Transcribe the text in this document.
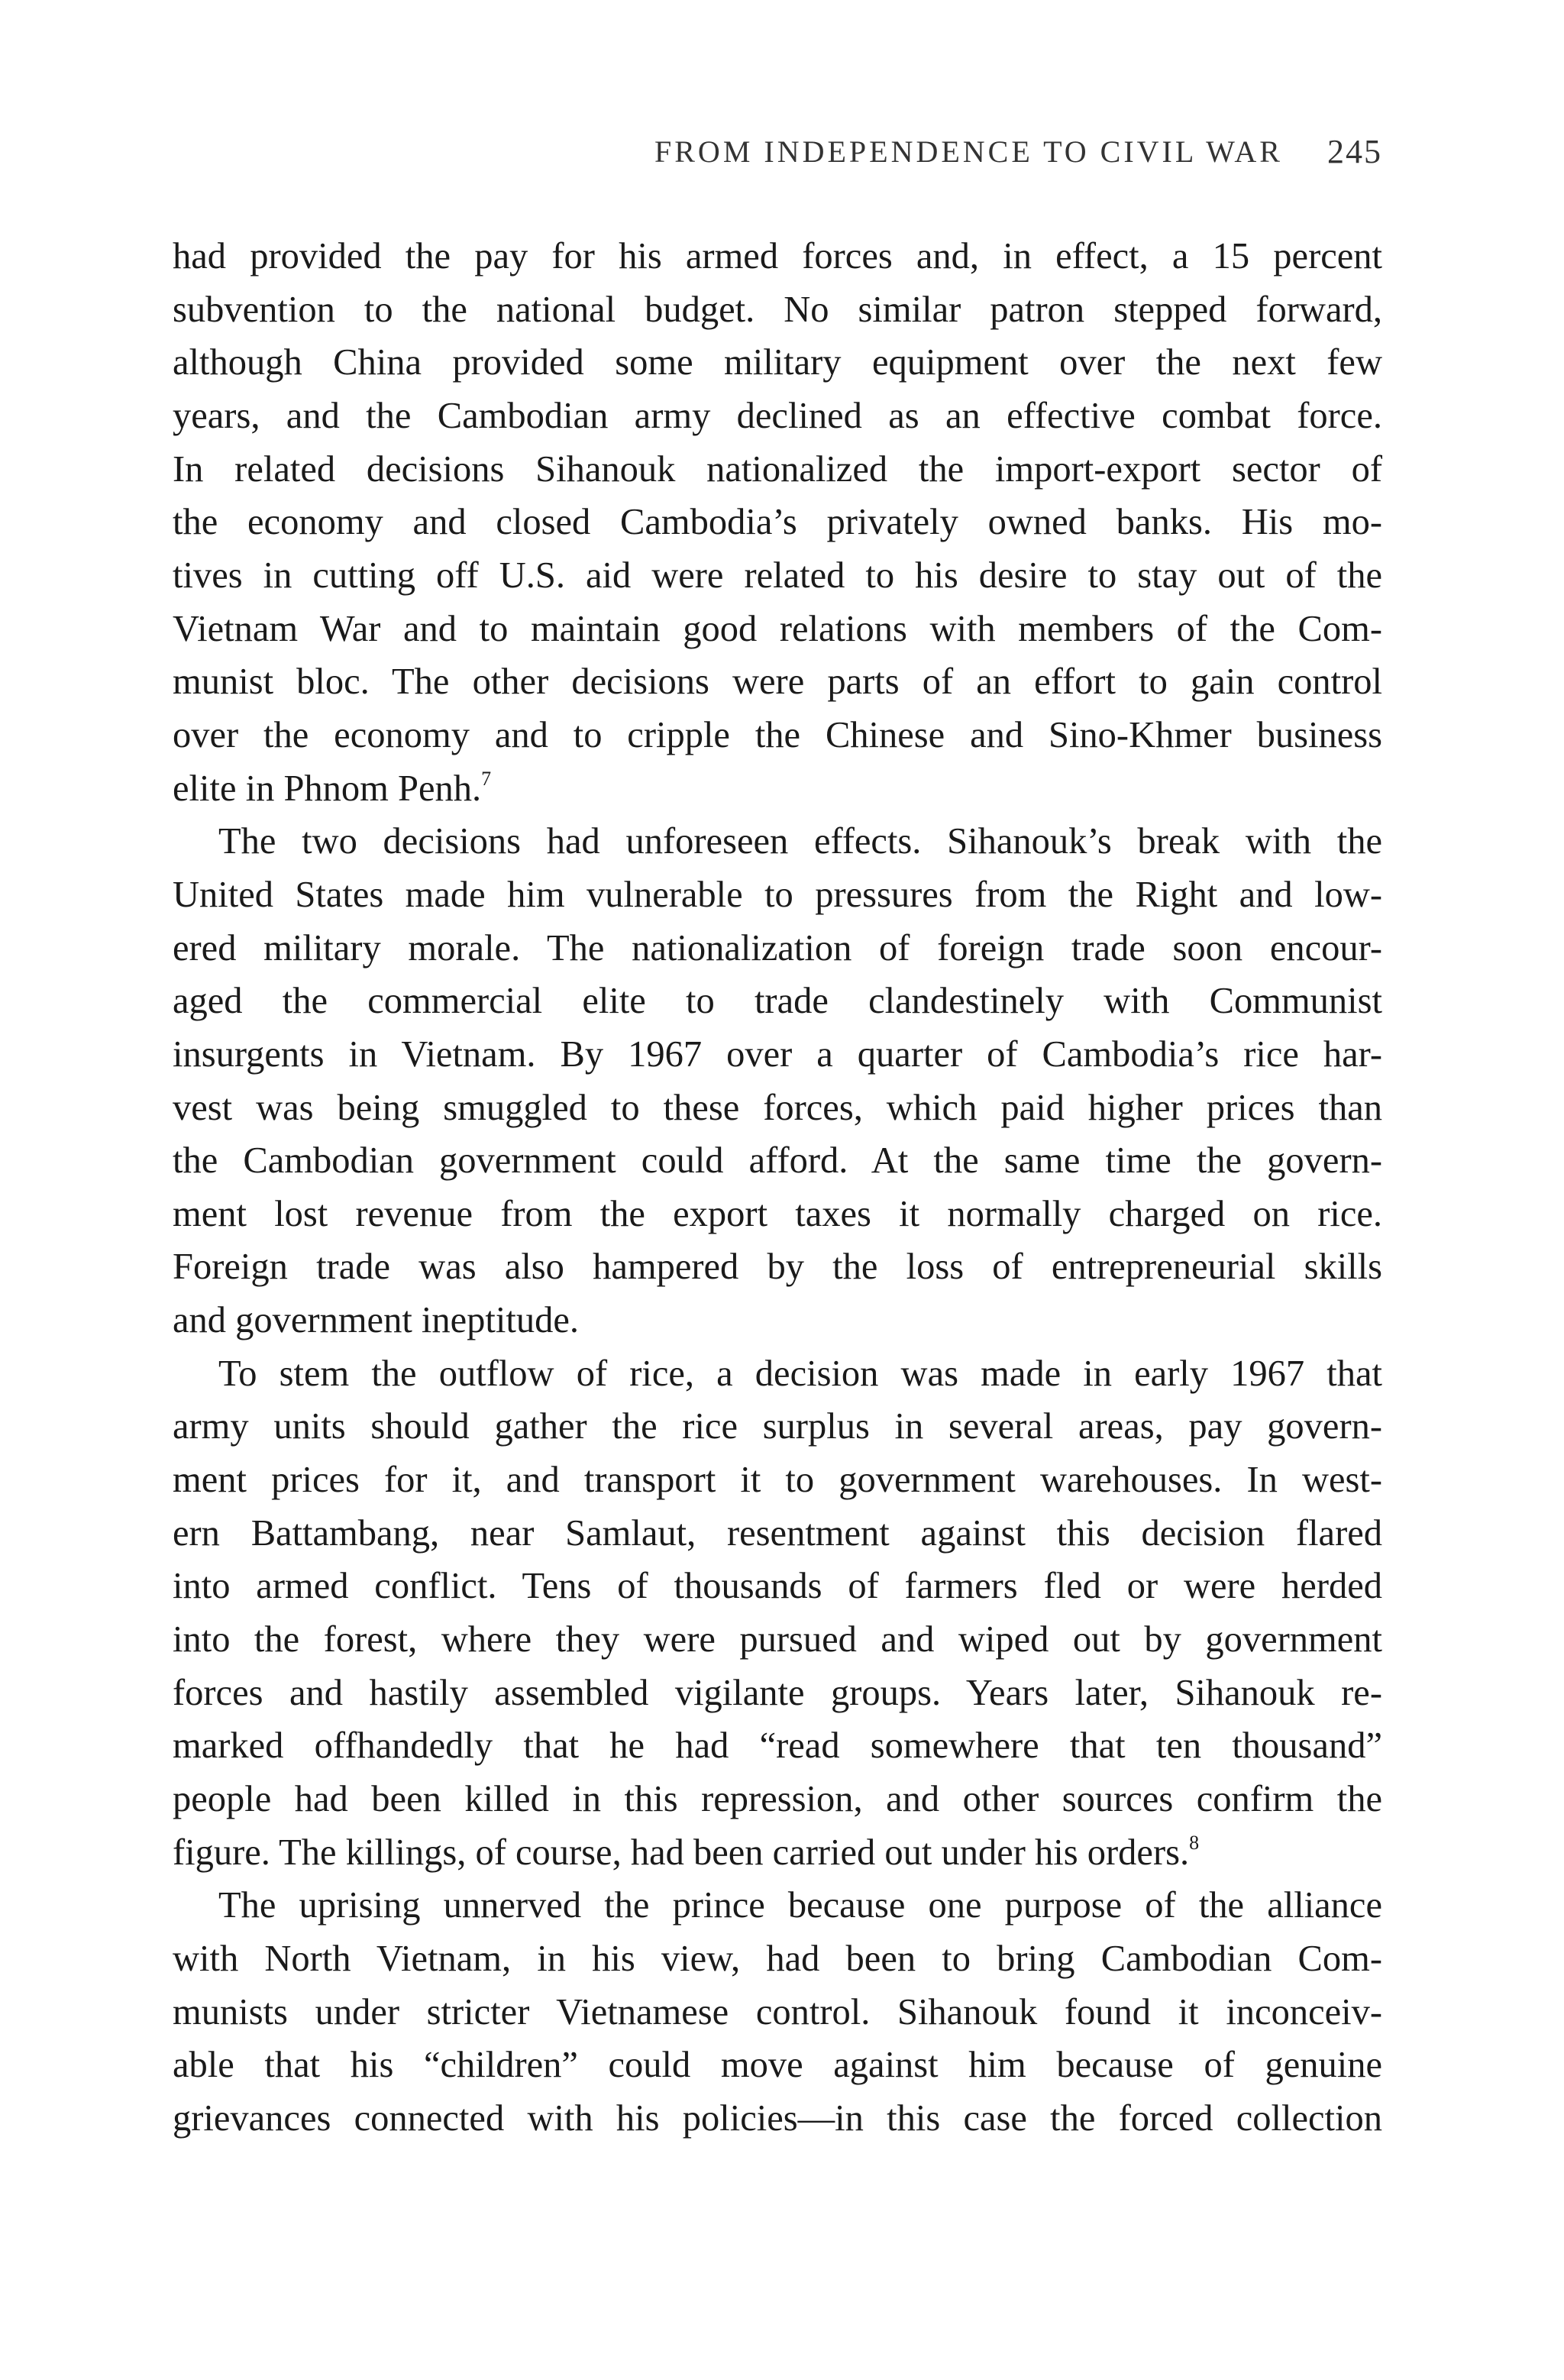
FROM INDEPENDENCE TO CIVIL WAR 245
had provided the pay for his armed forces and, in effect, a 15 percent
subvention to the national budget. No similar patron stepped forward,
although China provided some military equipment over the next few
years, and the Cambodian army declined as an effective combat force.
In related decisions Sihanouk nationalized the import-export sector of
the economy and closed Cambodia’s privately owned banks. His mo-
tives in cutting off U.S. aid were related to his desire to stay out of the
Vietnam War and to maintain good relations with members of the Com-
munist bloc. The other decisions were parts of an effort to gain control
over the economy and to cripple the Chinese and Sino-Khmer business
elite in Phnom Penh.$^7$
The two decisions had unforeseen effects. Sihanouk’s break with the
United States made him vulnerable to pressures from the Right and low-
ered military morale. The nationalization of foreign trade soon encour-
aged the commercial elite to trade clandestinely with Communist
insurgents in Vietnam. By 1967 over a quarter of Cambodia’s rice har-
vest was being smuggled to these forces, which paid higher prices than
the Cambodian government could afford. At the same time the govern-
ment lost revenue from the export taxes it normally charged on rice.
Foreign trade was also hampered by the loss of entrepreneurial skills
and government ineptitude.
To stem the outflow of rice, a decision was made in early 1967 that
army units should gather the rice surplus in several areas, pay govern-
ment prices for it, and transport it to government warehouses. In west-
ern Battambang, near Samlaut, resentment against this decision flared
into armed conflict. Tens of thousands of farmers fled or were herded
into the forest, where they were pursued and wiped out by government
forces and hastily assembled vigilante groups. Years later, Sihanouk re-
marked offhandedly that he had “read somewhere that ten thousand”
people had been killed in this repression, and other sources confirm the
figure. The killings, of course, had been carried out under his orders.$^8$
The uprising unnerved the prince because one purpose of the alliance
with North Vietnam, in his view, had been to bring Cambodian Com-
munists under stricter Vietnamese control. Sihanouk found it inconceiv-
able that his “children” could move against him because of genuine
grievances connected with his policies—in this case the forced collection
